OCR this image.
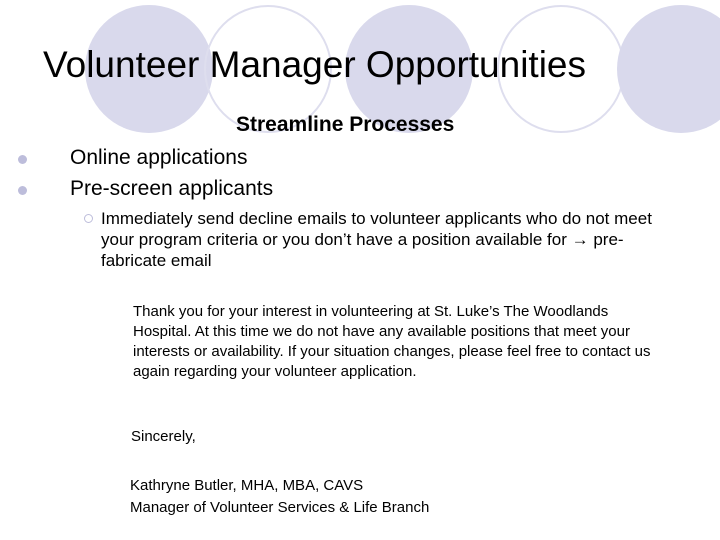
Volunteer Manager Opportunities
Streamline Processes
Online applications
Pre-screen applicants
Immediately send decline emails to volunteer applicants who do not meet your program criteria or you don’t have a position available for → pre-fabricate email
Thank you for your interest in volunteering at St. Luke’s The Woodlands Hospital. At this time we do not have any available positions that meet your interests or availability. If your situation changes, please feel free to contact us again regarding your volunteer application.
Sincerely,
Kathryne Butler, MHA, MBA, CAVS
Manager of Volunteer Services & Life Branch
